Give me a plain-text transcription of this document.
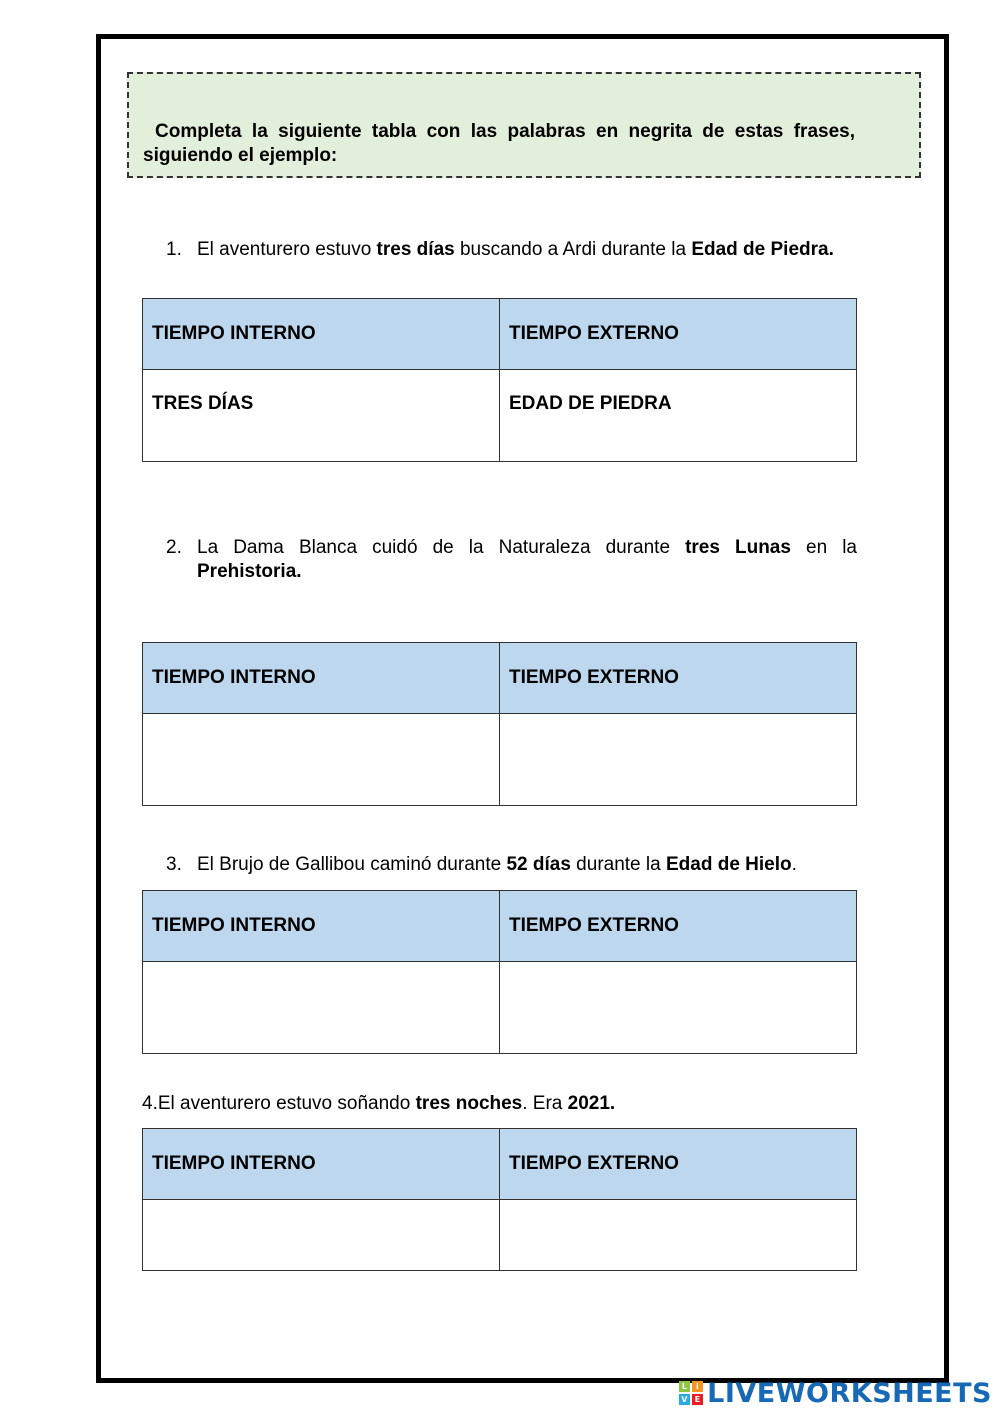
Completa la siguiente tabla con las palabras en negrita de estas frases, siguiendo el ejemplo:
1. El aventurero estuvo tres días buscando a Ardi durante la Edad de Piedra.
TIEMPO INTERNO	TIEMPO EXTERNO
TRES DÍAS	EDAD DE PIEDRA
2. La Dama Blanca cuidó de la Naturaleza durante tres Lunas en la Prehistoria.
TIEMPO INTERNO	TIEMPO EXTERNO

3. El Brujo de Gallibou caminó durante 52 días durante la Edad de Hielo.
TIEMPO INTERNO	TIEMPO EXTERNO

4.El aventurero estuvo soñando tres noches. Era 2021.
TIEMPO INTERNO	TIEMPO EXTERNO

L	i
V E LIVEWORKSHEETS
